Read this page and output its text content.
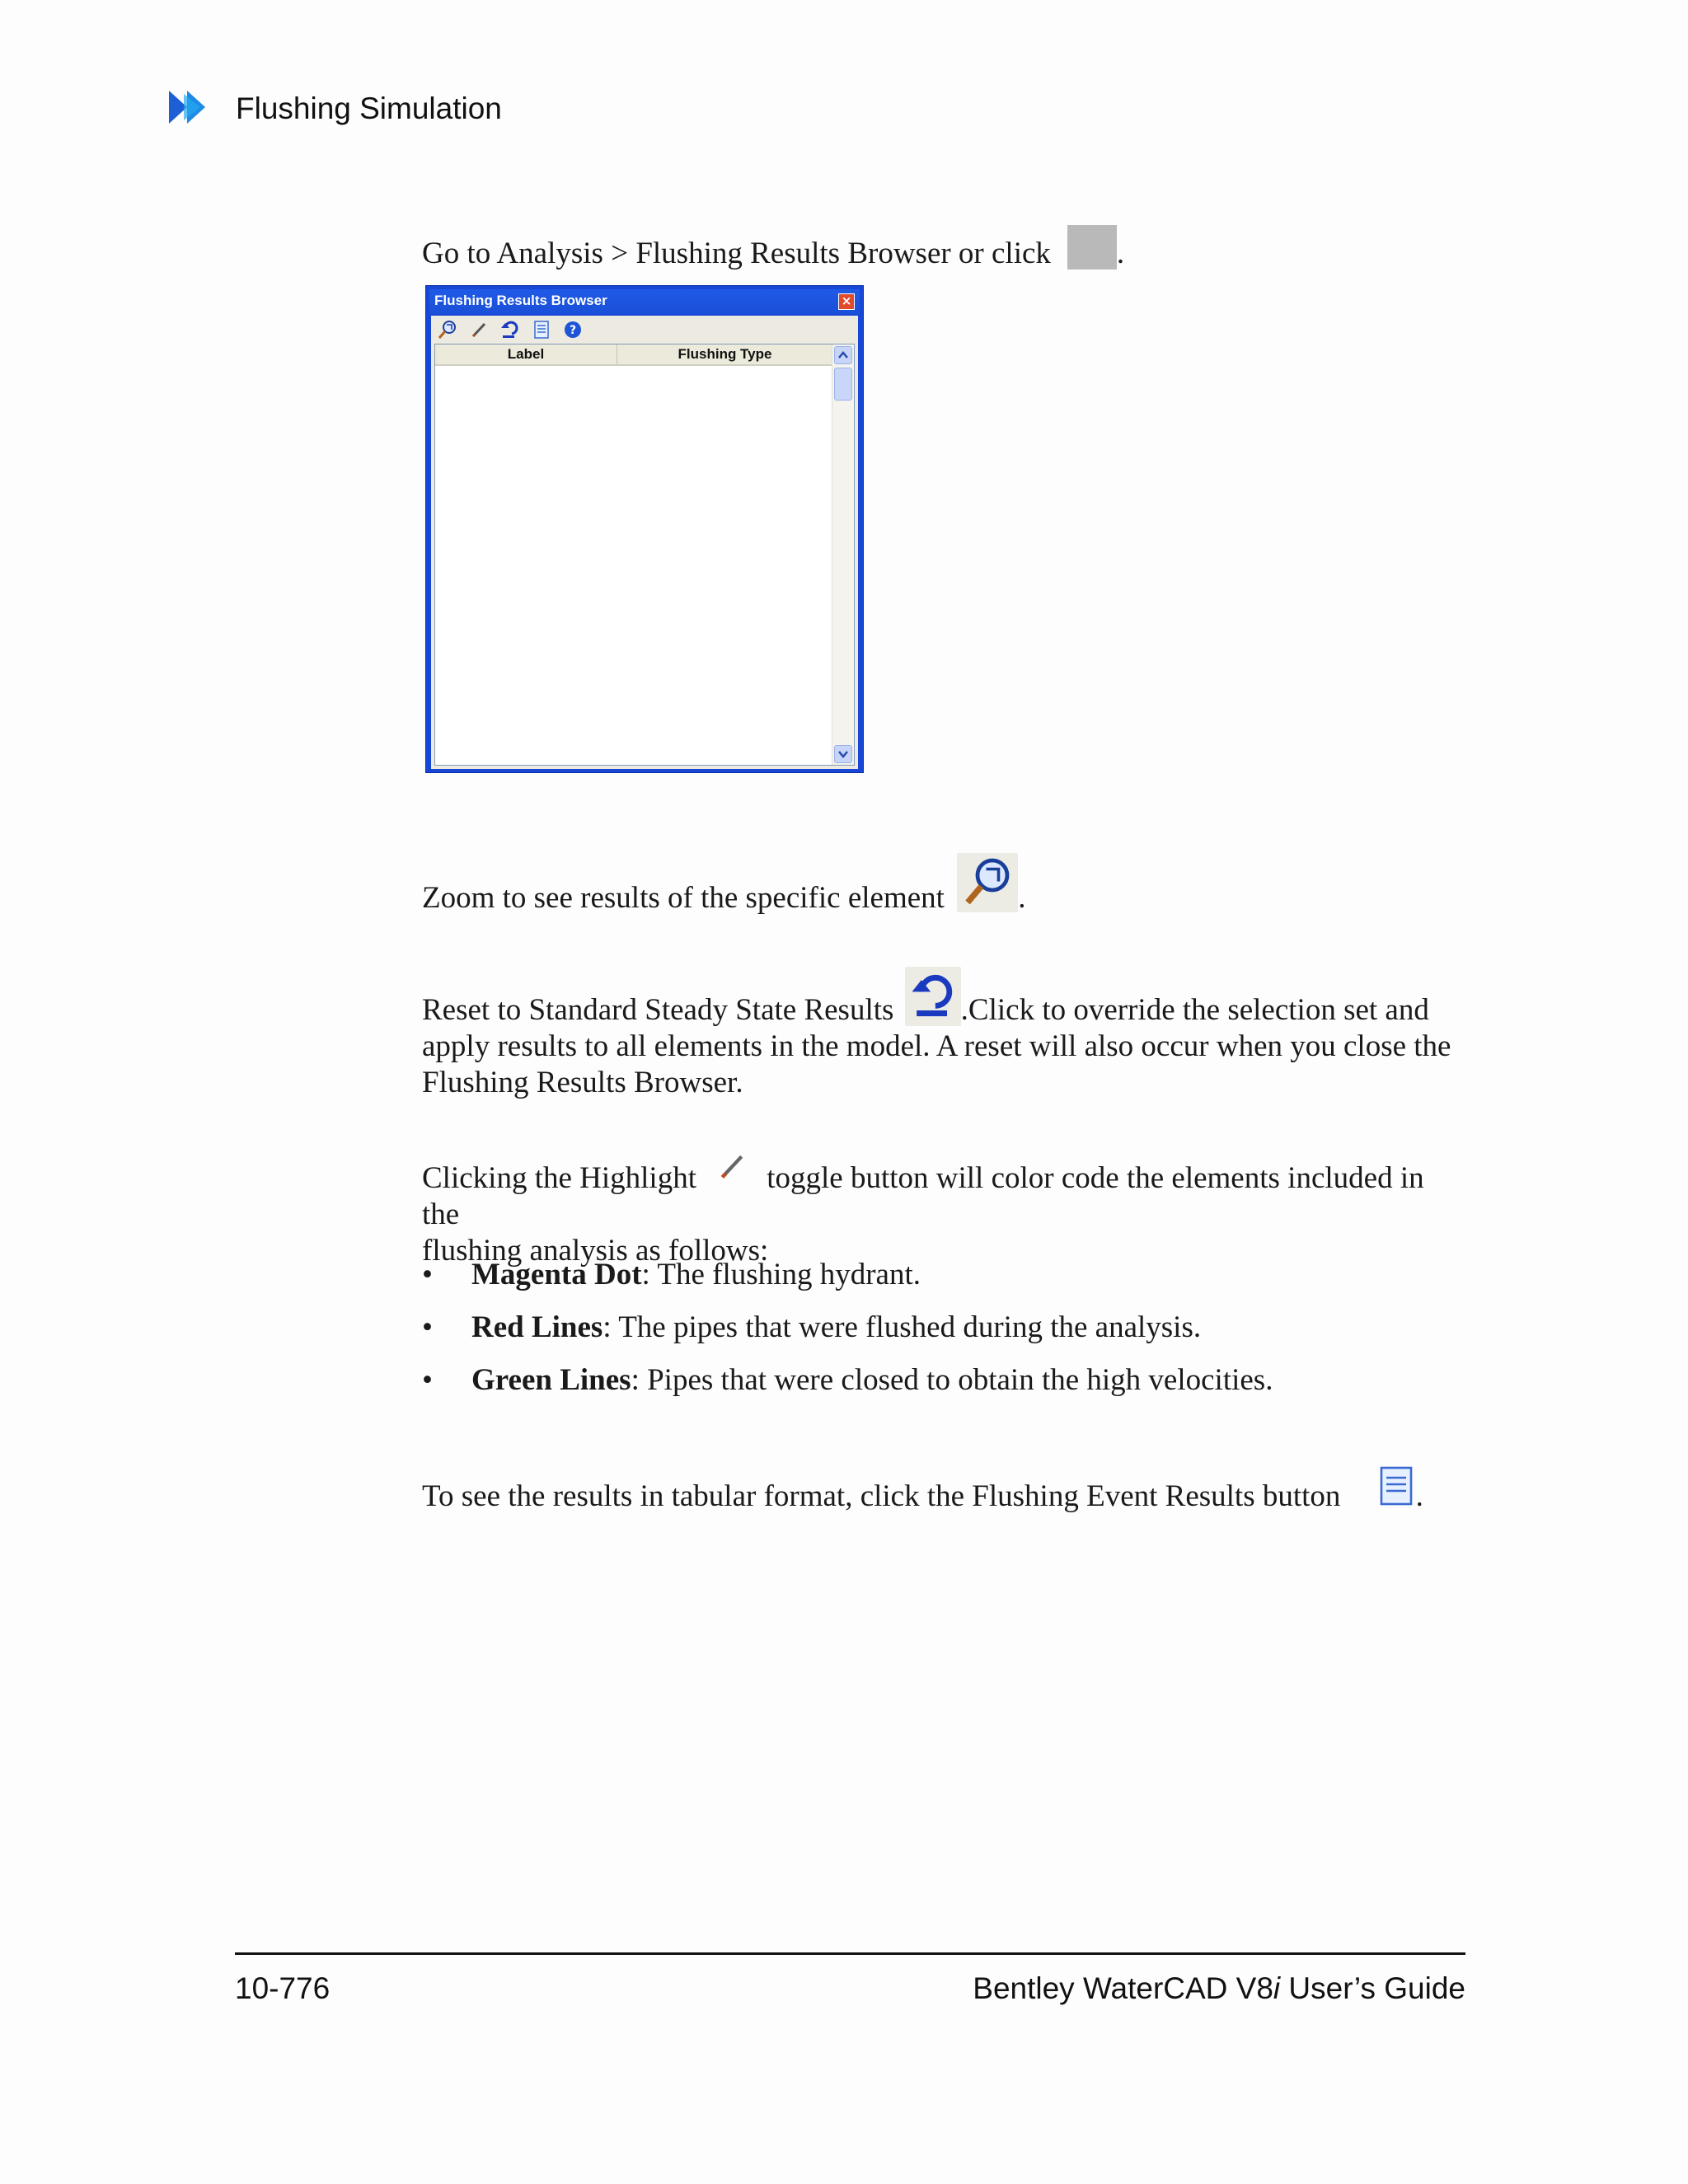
Flushing Simulation
Go to Analysis > Flushing Results Browser or click .
Flushing Results Browser	×
?
Label	Flushing Type
Zoom to see results of the specific element .
Reset to Standard Steady State Results .Click to override the selection set and
apply results to all elements in the model. A reset will also occur when you close the
Flushing Results Browser.
Clicking the Highlight toggle button will color code the elements included in the
flushing analysis as follows:
• Magenta Dot: The flushing hydrant.
• Red Lines: The pipes that were flushed during the analysis.
• Green Lines: Pipes that were closed to obtain the high velocities.
To see the results in tabular format, click the Flushing Event Results button .
10-776	Bentley WaterCAD V8i User’s Guide
